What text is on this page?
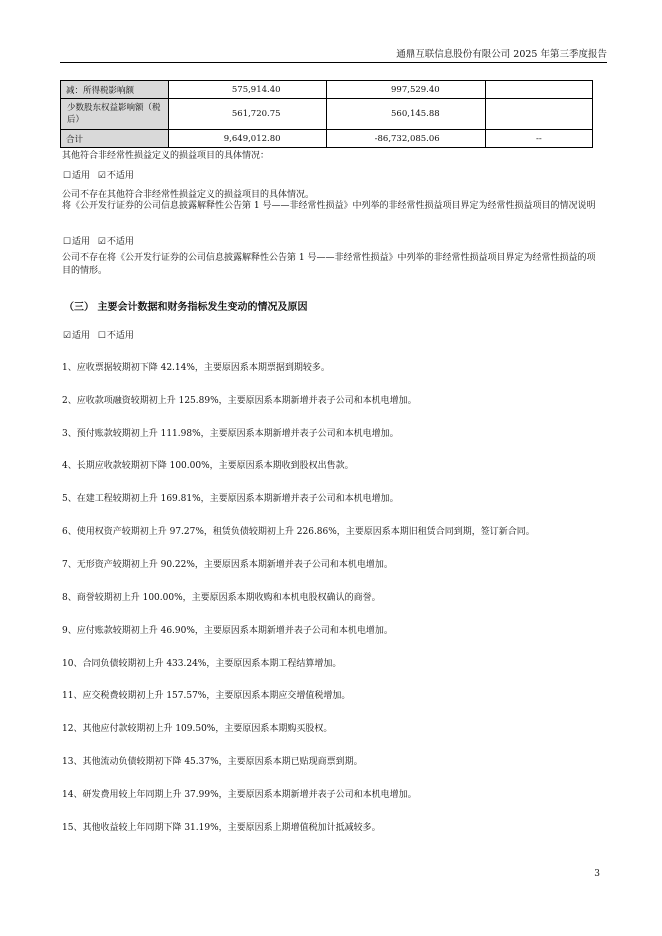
通鼎互联信息股份有限公司 2025 年第三季度报告
减：所得税影响额	575,914.40	997,529.40	
少数股东权益影响额（税后）	561,720.75	560,145.88	
合计	9,649,012.80	-86,732,085.06	--
其他符合非经常性损益定义的损益项目的具体情况：
☐适用 ☑不适用
公司不存在其他符合非经常性损益定义的损益项目的具体情况。
将《公开发行证券的公司信息披露解释性公告第 1 号——非经常性损益》中列举的非经常性损益项目界定为经常性损益项目的情况说明
☐适用 ☑不适用
公司不存在将《公开发行证券的公司信息披露解释性公告第 1 号——非经常性损益》中列举的非经常性损益项目界定为经常性损益的项目的情形。
（三） 主要会计数据和财务指标发生变动的情况及原因
☑适用 ☐不适用
1、应收票据较期初下降 42.14%，主要原因系本期票据到期较多。
2、应收款项融资较期初上升 125.89%，主要原因系本期新增并表子公司和本机电增加。
3、预付账款较期初上升 111.98%，主要原因系本期新增并表子公司和本机电增加。
4、长期应收款较期初下降 100.00%，主要原因系本期收到股权出售款。
5、在建工程较期初上升 169.81%，主要原因系本期新增并表子公司和本机电增加。
6、使用权资产较期初上升 97.27%，租赁负债较期初上升 226.86%，主要原因系本期旧租赁合同到期，签订新合同。
7、无形资产较期初上升 90.22%，主要原因系本期新增并表子公司和本机电增加。
8、商誉较期初上升 100.00%，主要原因系本期收购和本机电股权确认的商誉。
9、应付账款较期初上升 46.90%，主要原因系本期新增并表子公司和本机电增加。
10、合同负债较期初上升 433.24%，主要原因系本期工程结算增加。
11、应交税费较期初上升 157.57%，主要原因系本期应交增值税增加。
12、其他应付款较期初上升 109.50%，主要原因系本期购买股权。
13、其他流动负债较期初下降 45.37%，主要原因系本期已贴现商票到期。
14、研发费用较上年同期上升 37.99%，主要原因系本期新增并表子公司和本机电增加。
15、其他收益较上年同期下降 31.19%，主要原因系上期增值税加计抵减较多。
3
